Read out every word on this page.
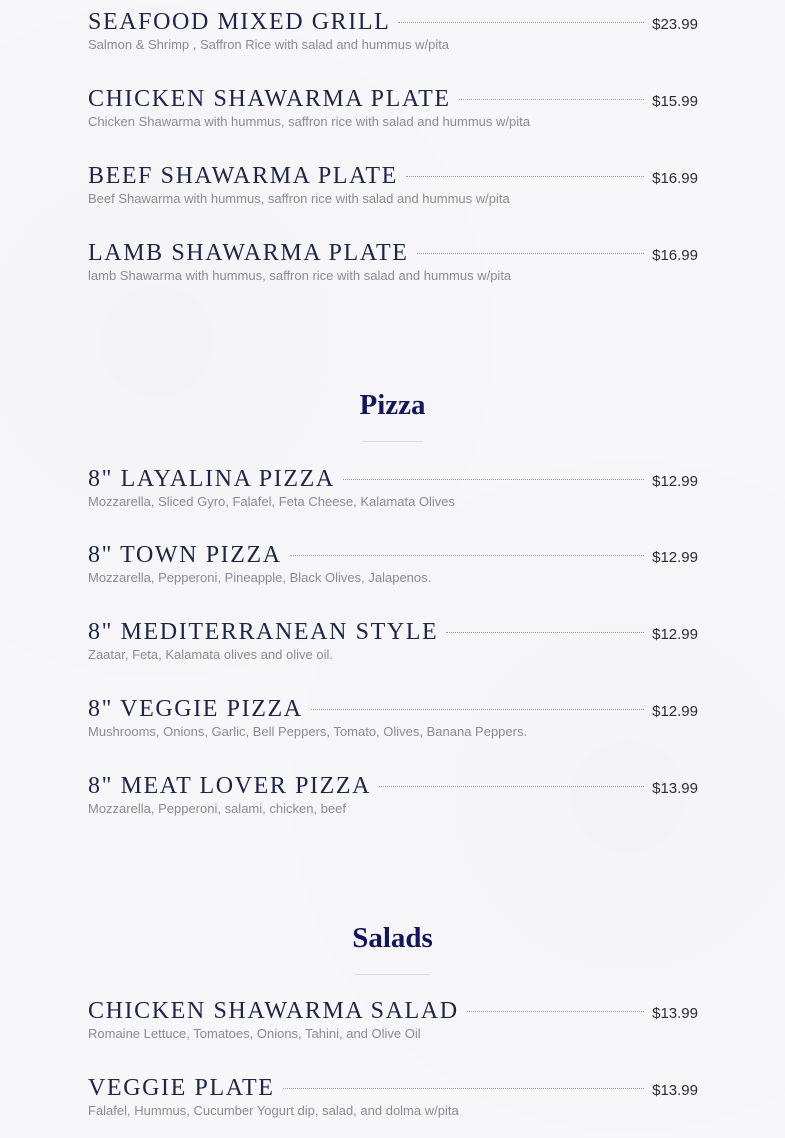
SEAFOOD MIXED GRILL	$23.99
Salmon & Shrimp , Saffron Rice with salad and hummus w/pita
CHICKEN SHAWARMA PLATE	$15.99
Chicken Shawarma with hummus, saffron rice with salad and hummus w/pita
BEEF SHAWARMA PLATE	$16.99
Beef Shawarma with hummus, saffron rice with salad and hummus w/pita
LAMB SHAWARMA PLATE	$16.99
lamb Shawarma with hummus, saffron rice with salad and hummus w/pita
Pizza
8" LAYALINA PIZZA	$12.99
Mozzarella, Sliced Gyro, Falafel, Feta Cheese, Kalamata Olives
8" TOWN PIZZA	$12.99
Mozzarella, Pepperoni, Pineapple, Black Olives, Jalapenos.
8" MEDITERRANEAN STYLE	$12.99
Zaatar, Feta, Kalamata olives and olive oil.
8" VEGGIE PIZZA	$12.99
Mushrooms, Onions, Garlic, Bell Peppers, Tomato, Olives, Banana Peppers.
8" MEAT LOVER PIZZA	$13.99
Mozzarella, Pepperoni, salami, chicken, beef
Salads
CHICKEN SHAWARMA SALAD	$13.99
Romaine Lettuce, Tomatoes, Onions, Tahini, and Olive Oil
VEGGIE PLATE	$13.99
Falafel, Hummus, Cucumber Yogurt dip, salad, and dolma w/pita
